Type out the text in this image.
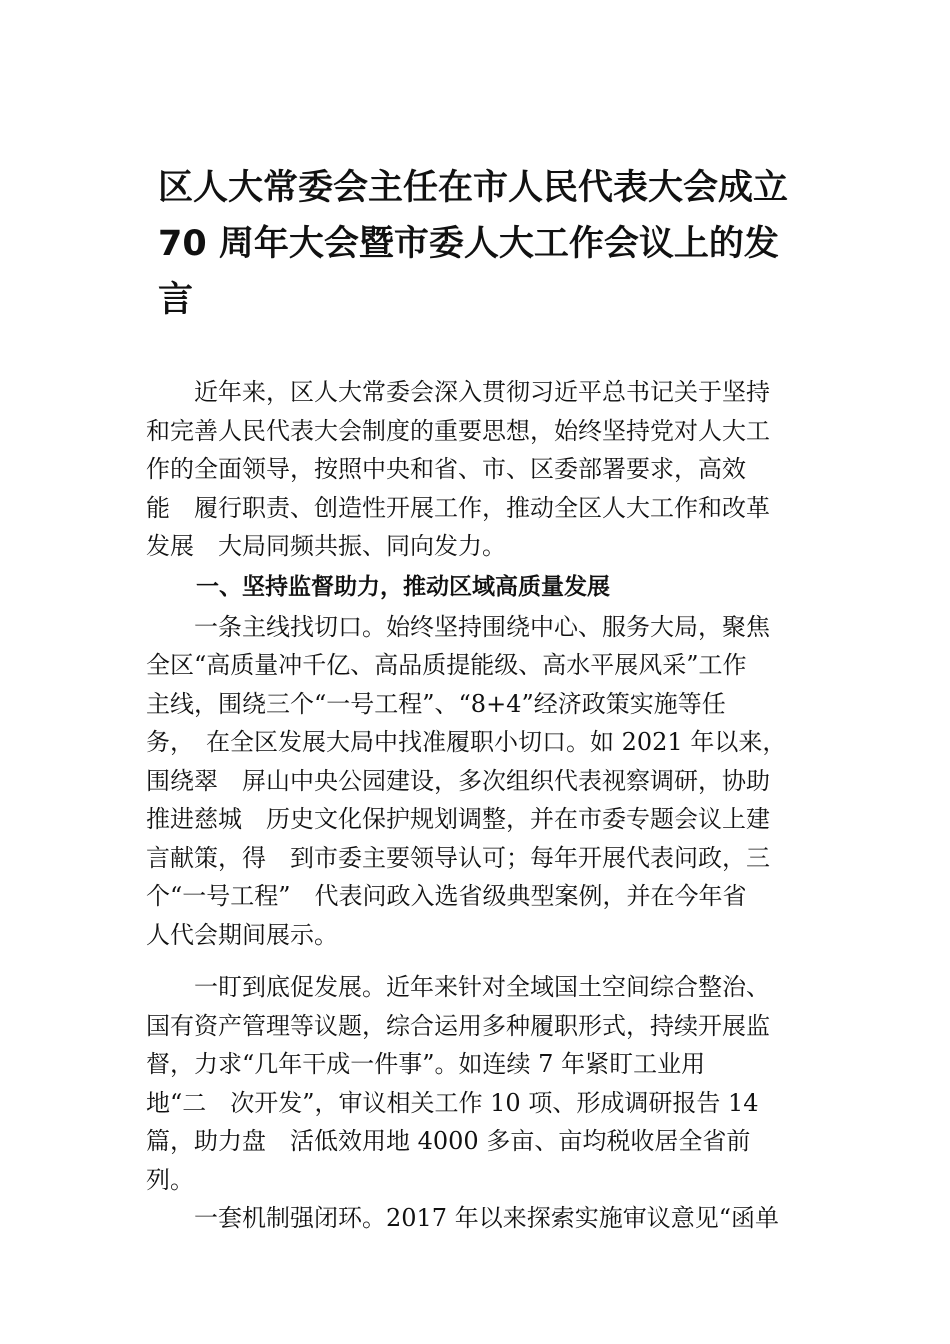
区人大常委会主任在市人民代表大会成立
70 周年大会暨市委人大工作会议上的发
言

　　近年来，区人大常委会深入贯彻习近平总书记关于坚持
和完善人民代表大会制度的重要思想，始终坚持党对人大工
作的全面领导，按照中央和省、市、区委部署要求，高效
能　履行职责、创造性开展工作，推动全区人大工作和改革
发展　大局同频共振、同向发力。

一、坚持监督助力，推动区域高质量发展

　　一条主线找切口。始终坚持围绕中心、服务大局，聚焦
全区“高质量冲千亿、高品质提能级、高水平展风采”工作
主线，围绕三个“一号工程”、“8+4”经济政策实施等任
务，　在全区发展大局中找准履职小切口。如 2021 年以来，
围绕翠　屏山中央公园建设，多次组织代表视察调研，协助
推进慈城　历史文化保护规划调整，并在市委专题会议上建
言献策，得　到市委主要领导认可；每年开展代表问政，三
个“一号工程”　代表问政入选省级典型案例，并在今年省
人代会期间展示。

　　一盯到底促发展。近年来针对全域国土空间综合整治、
国有资产管理等议题，综合运用多种履职形式，持续开展监
督，力求“几年干成一件事”。如连续 7 年紧盯工业用
地“二　次开发”，审议相关工作 10 项、形成调研报告 14
篇，助力盘　活低效用地 4000 多亩、亩均税收居全省前
列。

　　一套机制强闭环。2017 年以来探索实施审议意见“函单
